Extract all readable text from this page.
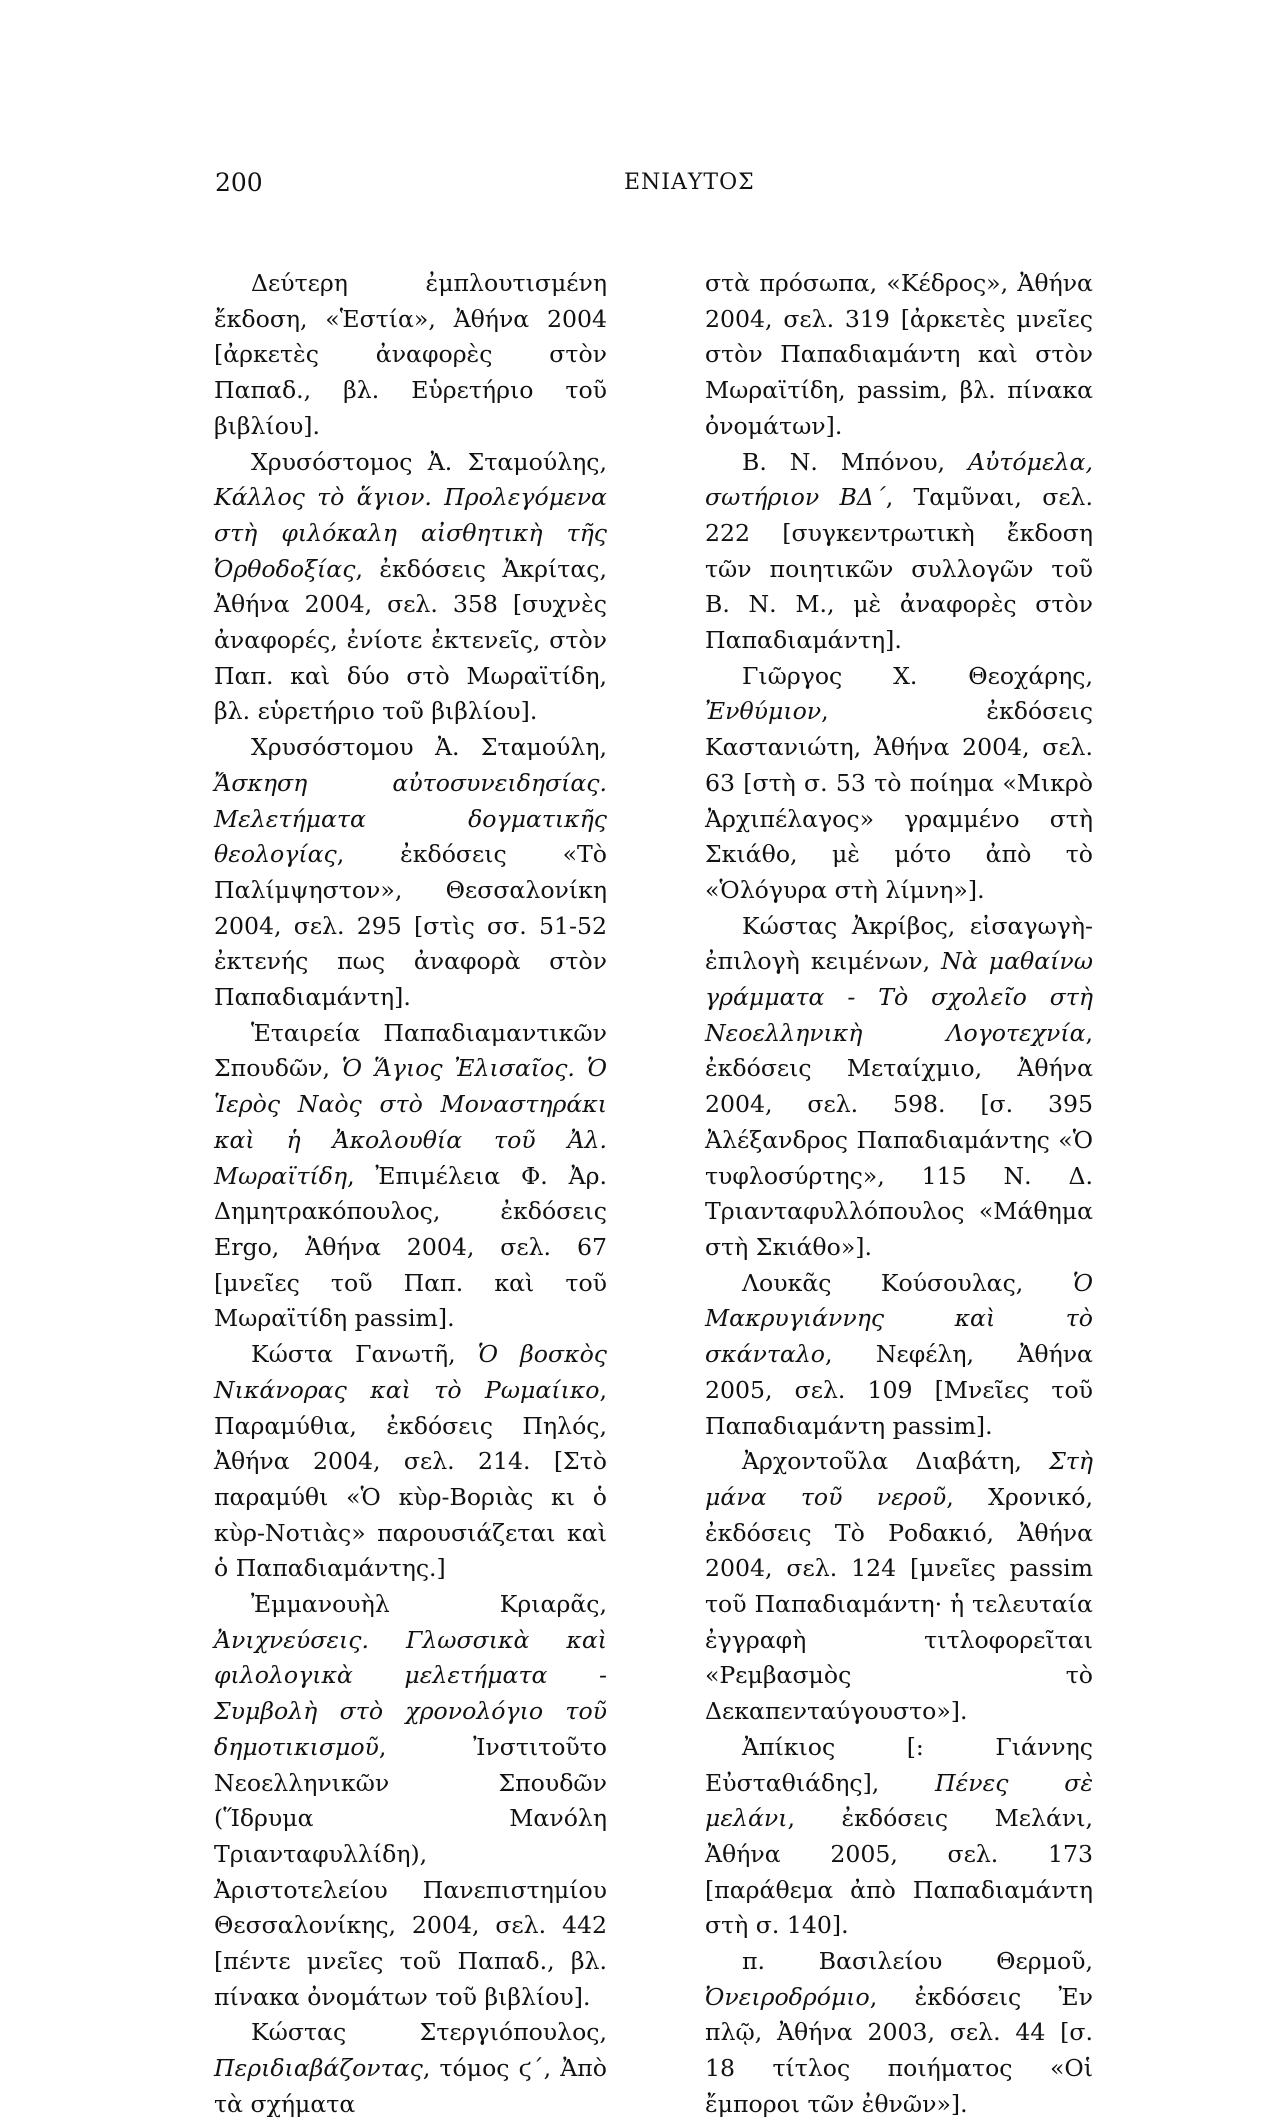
200	ΕΝΙΑΥΤΟΣ

Δεύτερη ἐμπλουτισμένη ἔκδοση, «Ἑστία», Ἀθήνα 2004 [ἀρκετὲς ἀναφορὲς στὸν Παπαδ., βλ. Εὑρετήριο τοῦ βιβλίου].

Χρυσόστομος Ἀ. Σταμούλης, Κάλλος τὸ ἅγιον. Προλεγόμενα στὴ φιλόκαλη αἰσθητικὴ τῆς Ὀρθοδοξίας, ἐκδόσεις Ἀκρίτας, Ἀθήνα 2004, σελ. 358 [συχνὲς ἀναφορές, ἐνίοτε ἐκτενεῖς, στὸν Παπ. καὶ δύο στὸ Μωραϊτίδη, βλ. εὑρετήριο τοῦ βιβλίου].

Χρυσόστομου Ἀ. Σταμούλη, Ἄσκηση αὐτοσυνειδησίας. Μελετήματα δογματικῆς θεολογίας, ἐκδόσεις «Τὸ Παλίμψηστον», Θεσσαλονίκη 2004, σελ. 295 [στὶς σσ. 51-52 ἐκτενής πως ἀναφορὰ στὸν Παπαδιαμάντη].

Ἑταιρεία Παπαδιαμαντικῶν Σπουδῶν, Ὁ Ἅγιος Ἐλισαῖος. Ὁ Ἱερὸς Ναὸς στὸ Μοναστηράκι καὶ ἡ Ἀκολουθία τοῦ Ἀλ. Μωραϊτίδη, Ἐπιμέλεια Φ. Ἀρ. Δημητρακόπουλος, ἐκδόσεις Ergo, Ἀθήνα 2004, σελ. 67 [μνεῖες τοῦ Παπ. καὶ τοῦ Μωραϊτίδη passim].

Κώστα Γανωτῆ, Ὁ βοσκὸς Νικάνορας καὶ τὸ Ρωμαίικο, Παραμύθια, ἐκδόσεις Πηλός, Ἀθήνα 2004, σελ. 214. [Στὸ παραμύθι «Ὁ κὺρ-Βοριὰς κι ὁ κὺρ-Νοτιὰς» παρουσιάζεται καὶ ὁ Παπαδιαμάντης.]

Ἐμμανουὴλ Κριαρᾶς, Ἀνιχνεύσεις. Γλωσσικὰ καὶ φιλολογικὰ μελετήματα - Συμβολὴ στὸ χρονολόγιο τοῦ δημοτικισμοῦ, Ἰνστιτοῦτο Νεοελληνικῶν Σπουδῶν (Ἵδρυμα Μανόλη Τριανταφυλλίδη), Ἀριστοτελείου Πανεπιστημίου Θεσσαλονίκης, 2004, σελ. 442 [πέντε μνεῖες τοῦ Παπαδ., βλ. πίνακα ὀνομάτων τοῦ βιβλίου].

Κώστας Στεργιόπουλος, Περιδιαβάζοντας, τόμος ϛ΄, Ἀπὸ τὰ σχήματα

στὰ πρόσωπα, «Κέδρος», Ἀθήνα 2004, σελ. 319 [ἀρκετὲς μνεῖες στὸν Παπαδιαμάντη καὶ στὸν Μωραϊτίδη, passim, βλ. πίνακα ὀνομάτων].

Β. Ν. Μπόνου, Αὐτόμελα, σωτήριον ΒΔ΄, Ταμῦναι, σελ. 222 [συγκεντρωτικὴ ἔκδοση τῶν ποιητικῶν συλλογῶν τοῦ Β. Ν. Μ., μὲ ἀναφορὲς στὸν Παπαδιαμάντη].

Γιῶργος Χ. Θεοχάρης, Ἐνθύμιον, ἐκδόσεις Καστανιώτη, Ἀθήνα 2004, σελ. 63 [στὴ σ. 53 τὸ ποίημα «Μικρὸ Ἀρχιπέλαγος» γραμμένο στὴ Σκιάθο, μὲ μότο ἀπὸ τὸ «Ὁλόγυρα στὴ λίμνη»].

Κώστας Ἀκρίβος, εἰσαγωγὴ-ἐπιλογὴ κειμένων, Νὰ μαθαίνω γράμματα - Τὸ σχολεῖο στὴ Νεοελληνικὴ Λογοτεχνία, ἐκδόσεις Μεταίχμιο, Ἀθήνα 2004, σελ. 598. [σ. 395 Ἀλέξανδρος Παπαδιαμάντης «Ὁ τυφλοσύρτης», 115 Ν. Δ. Τριανταφυλλόπουλος «Μάθημα στὴ Σκιάθο»].

Λουκᾶς Κούσουλας, Ὁ Μακρυγιάννης καὶ τὸ σκάνταλο, Νεφέλη, Ἀθήνα 2005, σελ. 109 [Μνεῖες τοῦ Παπαδιαμάντη passim].

Ἀρχοντοῦλα Διαβάτη, Στὴ μάνα τοῦ νεροῦ, Χρονικό, ἐκδόσεις Τὸ Ροδακιό, Ἀθήνα 2004, σελ. 124 [μνεῖες passim τοῦ Παπαδιαμάντη· ἡ τελευταία ἐγγραφὴ τιτλοφορεῖται «Ρεμβασμὸς τὸ Δεκαπενταύγουστο»].

Ἀπίκιος [: Γιάννης Εὐσταθιάδης], Πένες σὲ μελάνι, ἐκδόσεις Μελάνι, Ἀθήνα 2005, σελ. 173 [παράθεμα ἀπὸ Παπαδιαμάντη στὴ σ. 140].

π. Βασιλείου Θερμοῦ, Ὀνειροδρόμιο, ἐκδόσεις Ἐν πλῷ, Ἀθήνα 2003, σελ. 44 [σ. 18 τίτλος ποιήματος «Οἱ ἔμποροι τῶν ἐθνῶν»].
